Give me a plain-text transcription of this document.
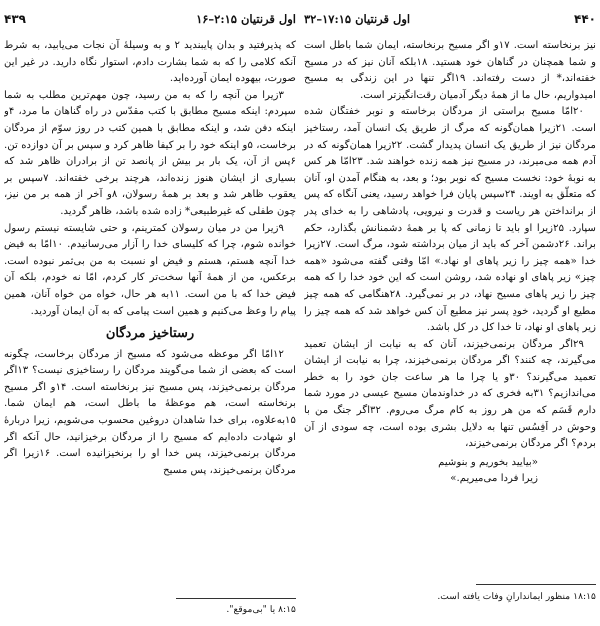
۴۳۹	اول قرنتیان ۲:۱۵–۱۶

که پذیرفتید و بدان پایبندید ۲ و به وسیلهٔ آن نجات می‌یابید، به شرط آنکه کلامی را که به شما بشارت دادم، استوار نگاه دارید. در غیر این صورت، بیهوده ایمان آورده‌اید.

۳زیرا من آنچه را که به من رسید، چون مهم‌ترین مطلب به شما سپردم: اینکه مسیح مطابق با کتب مقدّس در راه گناهان ما مرد، ۴و اینکه دفن شد، و اینکه مطابق با همین کتب در روز سوّم از مردگان برخاست، ۵و اینکه خود را بر کیفا ظاهر کرد و سپس بر آن دوازده تن. ۶پس از آن، یک بار بر بیش از پانصد تن از برادران ظاهر شد که بسیاری از ایشان هنوز زنده‌اند، هرچند برخی خفته‌اند. ۷سپس بر یعقوب ظاهر شد و بعد بر همهٔ رسولان، ۸و آخر از همه بر من نیز، چون طفلی که غیرطبیعی* زاده شده باشد، ظاهر گردید.

۹زیرا من در میان رسولان کمترینم، و حتی شایسته نیستم رسول خوانده شوم، چرا که کلیسای خدا را آزار می‌رسانیدم. ۱۰امّا به فیض خدا آنچه هستم، هستم و فیض او نسبت به من بی‌ثمر نبوده است. برعکس، من از همهٔ آنها سخت‌تر کار کردم، امّا نه خودم، بلکه آن فیض خدا که با من است. ۱۱به هر حال، خواه من خواه آنان، همین پیام را وعظ می‌کنیم و همین است پیامی که به آن ایمان آوردید.

رستاخیز مردگان

۱۲امّا اگر موعظه می‌شود که مسیح از مردگان برخاست، چگونه است که بعضی از شما می‌گویند مردگان را رستاخیزی نیست؟ ۱۳اگر مردگان برنمی‌خیزند، پس مسیح نیز برنخاسته است. ۱۴و اگر مسیح برنخاسته است، هم موعظهٔ ما باطل است، هم ایمان شما. ۱۵به‌علاوه، برای خدا شاهدان دروغین محسوب می‌شویم، زیرا دربارهٔ او شهادت داده‌ایم که مسیح را از مردگان برخیزانید، حال آنکه اگر مردگان برنمی‌خیزند، پس خدا او را برنخیزانیده است. ۱۶زیرا اگر مردگان برنمی‌خیزند، پس مسیح

۸:۱۵ یا "بی‌موقع".
اول قرنتیان ۱۷:۱۵–۳۲	۴۴۰

نیز برنخاسته است. ۱۷و اگر مسیح برنخاسته، ایمان شما باطل است و شما همچنان در گناهان خود هستید. ۱۸بلکه آنان نیز که در مسیح خفته‌اند،* از دست رفته‌اند. ۱۹اگر تنها در این زندگی به مسیح امیدواریم، حال ما از همهٔ دیگر آدمیان رقت‌انگیزتر است.

۲۰امّا مسیح براستی از مردگان برخاسته و نوبر خفتگان شده است. ۲۱زیرا همان‌گونه که مرگ از طریق یک انسان آمد، رستاخیز مردگان نیز از طریق یک انسان پدیدار گشت. ۲۲زیرا همان‌گونه که در آدم همه می‌میرند، در مسیح نیز همه زنده خواهند شد. ۲۳امّا هر کس به نوبهٔ خود: نخست مسیح که نوبر بود؛ و بعد، به هنگام آمدن او، آنان که متعلّق به اویند. ۲۴سپس پایان فرا خواهد رسید، یعنی آنگاه که پس از برانداختن هر ریاست و قدرت و نیرویی، پادشاهی را به خدای پدر سپارد. ۲۵زیرا او باید تا زمانی که پا بر همهٔ دشمنانش بگذارد، حکم براند. ۲۶دشمن آخر که باید از میان برداشته شود، مرگ است. ۲۷زیرا خدا «همه چیز را زیر پاهای او نهاد.» امّا وقتی گفته می‌شود «همه چیز» زیر پاهای او نهاده شد، روشن است که این خود خدا را که همه چیز را زیر پاهای مسیح نهاد، در بر نمی‌گیرد. ۲۸هنگامی که همه چیز مطیع او گردید، خودِ پسر نیز مطیع آن کس خواهد شد که همه چیز را زیر پاهای او نهاد، تا خدا کل در کل باشد.

۲۹اگر مردگان برنمی‌خیزند، آنان که به نیابت از ایشان تعمید می‌گیرند، چه کنند؟ اگر مردگان برنمی‌خیزند، چرا به نیابت از ایشان تعمید می‌گیرند؟ ۳۰و یا چرا ما هر ساعت جان خود را به خطر می‌اندازیم؟ ۳۱به فخری که در خداوندمان مسیح عیسی در مورد شما دارم قَسَم که من هر روز به کام مرگ می‌روم. ۳۲اگر جنگ من با وحوش در اَفِسُس تنها به دلایل بشری بوده است، چه سودی از آن بردم؟ اگر مردگان برنمی‌خیزند،

«بیایید بخوریم و بنوشیم
زیرا فردا می‌میریم.»
۱۸:۱۵ منظور ایماندارانِ وفات یافته است.
